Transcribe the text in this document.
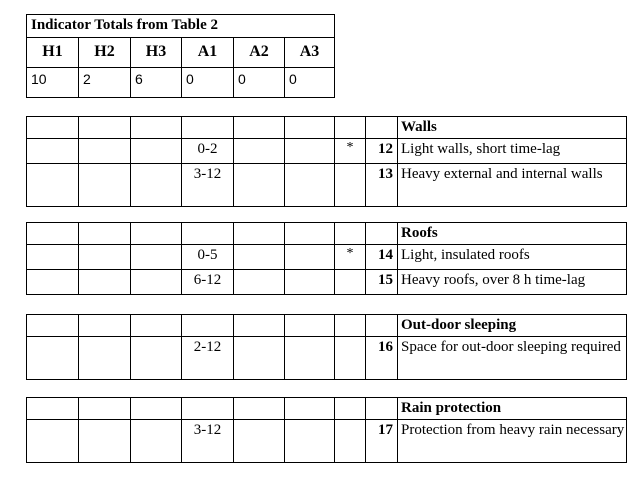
Indicator Totals from Table 2					
H1	H2	H3	A1	A2	A3
10	2	6	0	0	0
								Walls
			0-2			*	12	Light walls, short time-lag
			3-12				13	Heavy external and internal walls
								Roofs
			0-5			*	14	Light, insulated roofs
			6-12				15	Heavy roofs, over 8 h time-lag
								Out-door sleeping
			2-12				16	Space for out-door sleeping required
								Rain protection
			3-12				17	Protection from heavy rain necessary
